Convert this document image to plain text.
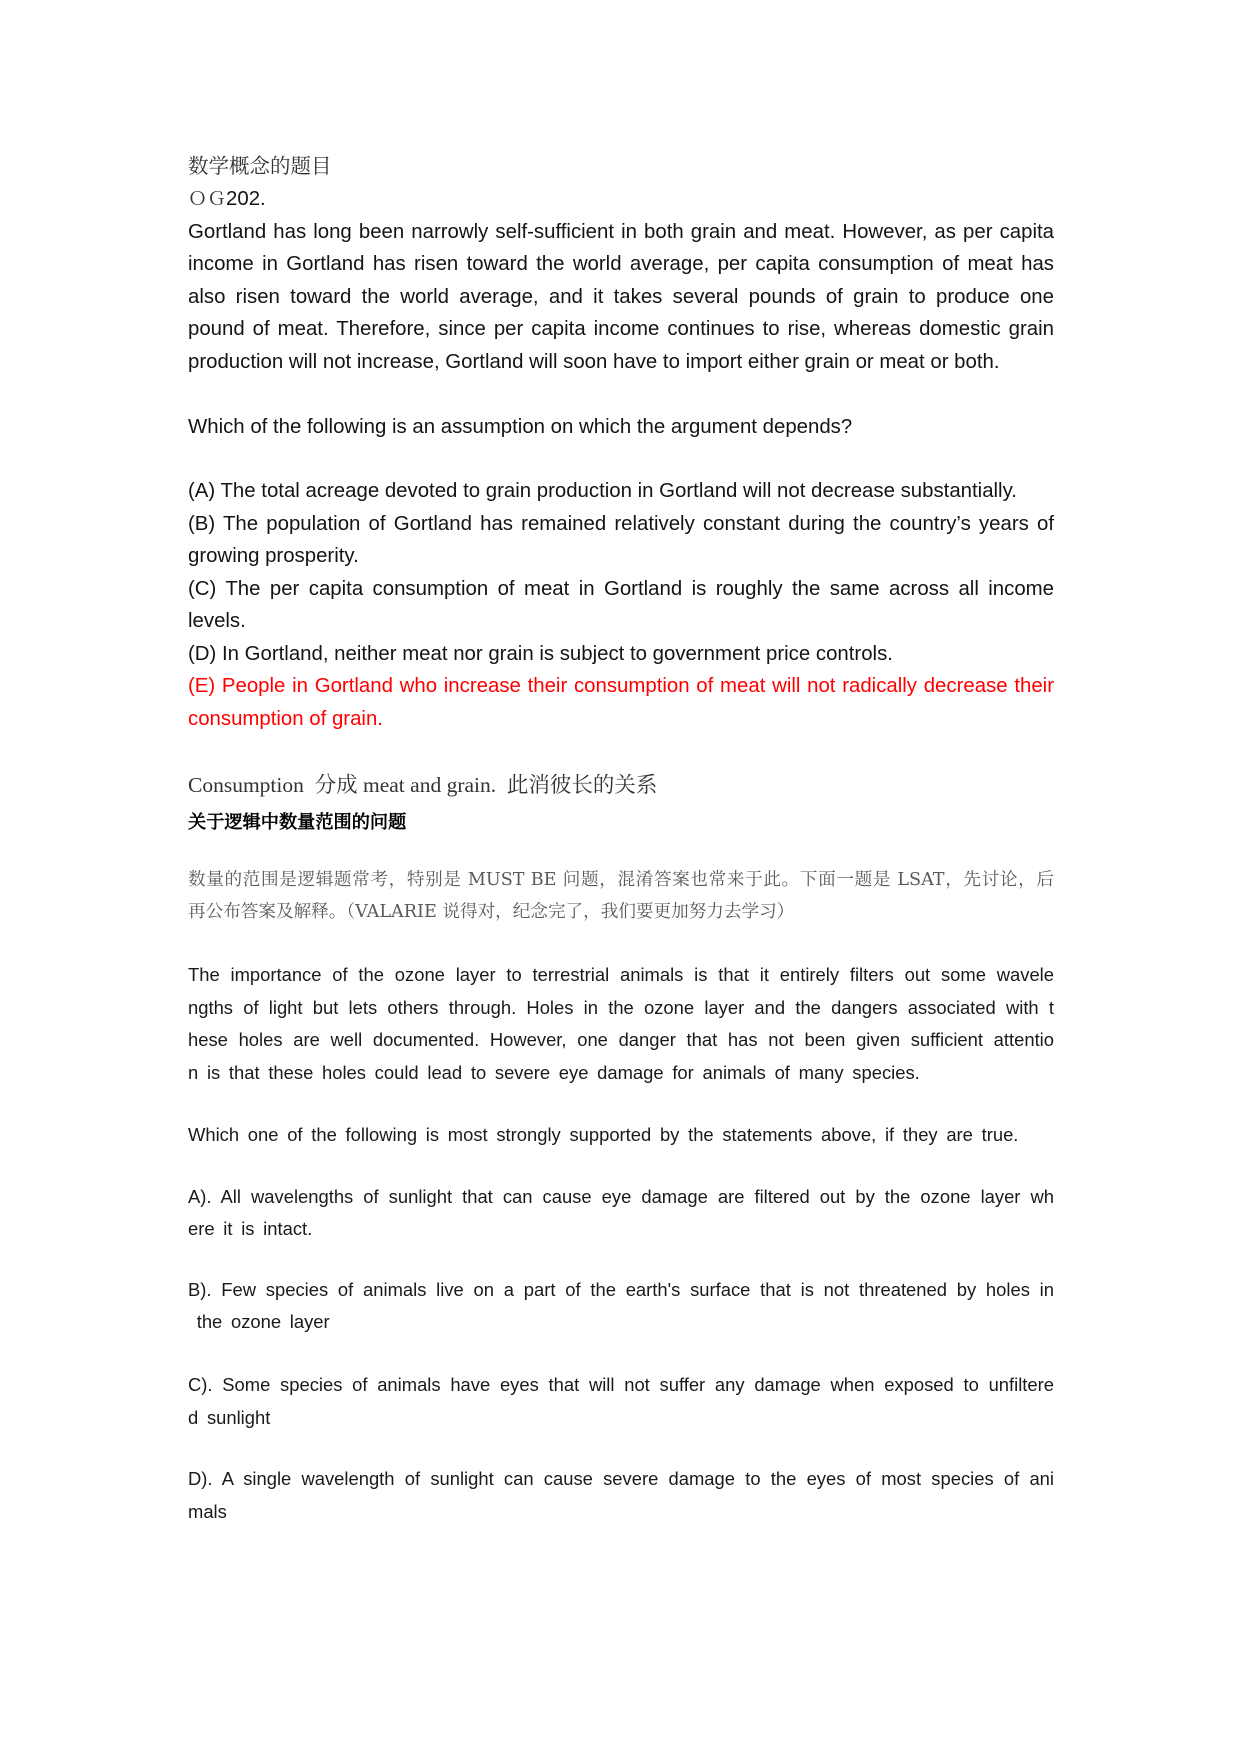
数学概念的题目
ＯＧ202.
Gortland has long been narrowly self-sufficient in both grain and meat. However, as per capita
income in Gortland has risen toward the world average, per capita consumption of meat has
also risen toward the world average, and it takes several pounds of grain to produce one
pound of meat. Therefore, since per capita income continues to rise, whereas domestic grain
production will not increase, Gortland will soon have to import either grain or meat or both.
Which of the following is an assumption on which the argument depends?
(A) The total acreage devoted to grain production in Gortland will not decrease substantially.
(B) The population of Gortland has remained relatively constant during the country’s years of
growing prosperity.
(C) The per capita consumption of meat in Gortland is roughly the same across all income
levels.
(D) In Gortland, neither meat nor grain is subject to government price controls.
(E) People in Gortland who increase their consumption of meat will not radically decrease their
consumption of grain.
Consumption  分成 meat and grain.  此消彼长的关系
关于逻辑中数量范围的问题
数量的范围是逻辑题常考，特别是 MUST BE 问题，混淆答案也常来于此。下面一题是 LSAT，先讨论，后
再公布答案及解释。（VALARIE 说得对，纪念完了，我们要更加努力去学习）
The importance of the ozone layer to terrestrial animals is that it entirely filters out some wavele
ngths of light but lets others through. Holes in the ozone layer and the dangers associated with t
hese holes are well documented. However, one danger that has not been given sufficient attentio
n is that these holes could lead to severe eye damage for animals of many species.
Which one of the following is most strongly supported by the statements above, if they are true.
A). All wavelengths of sunlight that can cause eye damage are filtered out by the ozone layer wh
ere it is intact.
B). Few species of animals live on a part of the earth's surface that is not threatened by holes in
the ozone layer
C). Some species of animals have eyes that will not suffer any damage when exposed to unfiltere
d sunlight
D). A single wavelength of sunlight can cause severe damage to the eyes of most species of ani
mals
